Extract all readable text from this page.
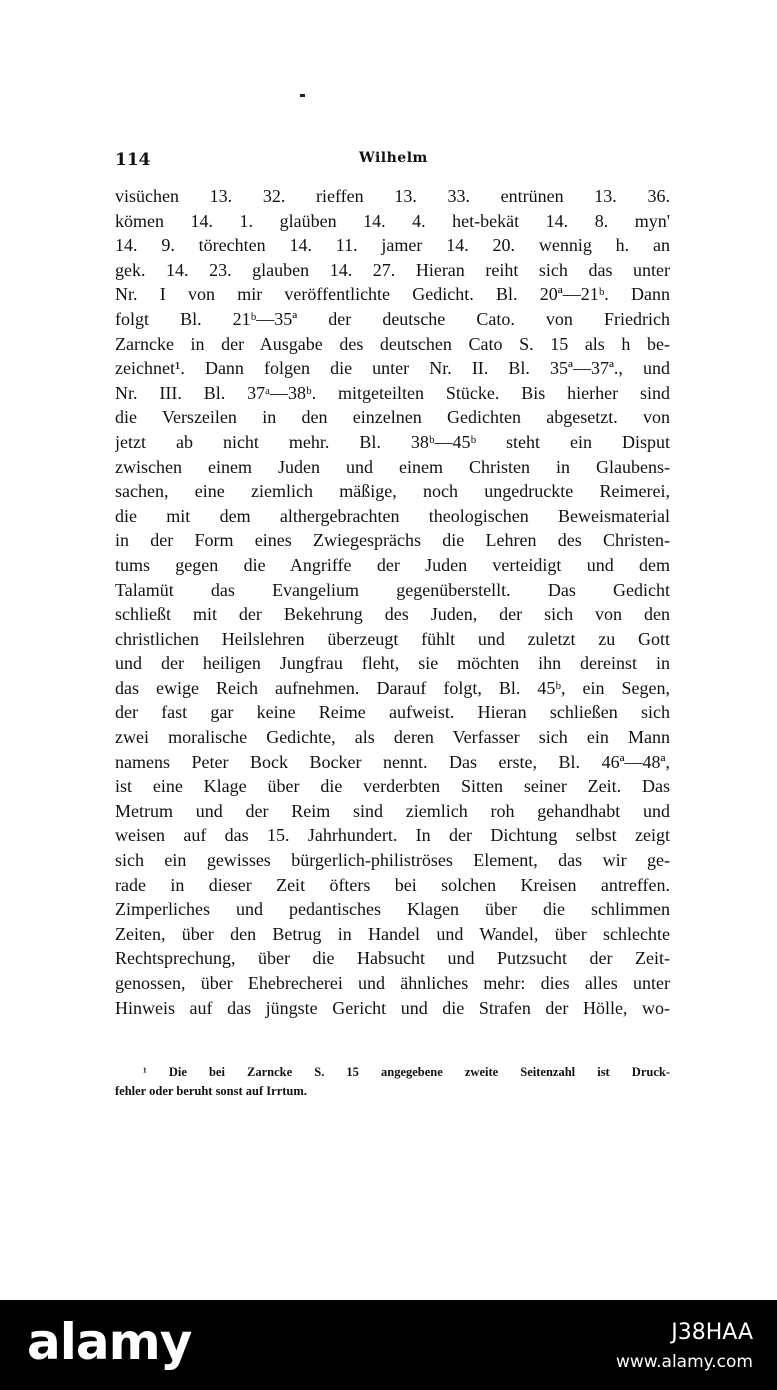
114	Wilhelm
visüchen 13. 32. rieffen 13. 33. entrünen 13. 36.
kömen 14. 1. glaüben 14. 4. het-bekät 14. 8. myn'
14. 9. törechten 14. 11. jamer 14. 20. wennig h. an
gek. 14. 23. glauben 14. 27. Hieran reiht sich das unter
Nr. I von mir veröffentlichte Gedicht. Bl. 20ª—21ᵇ. Dann
folgt Bl. 21ᵇ—35ª der deutsche Cato. von Friedrich
Zarncke in der Ausgabe des deutschen Cato S. 15 als h be-
zeichnet¹. Dann folgen die unter Nr. II. Bl. 35ª—37ª., und
Nr. III. Bl. 37ᵃ—38ᵇ. mitgeteilten Stücke. Bis hierher sind
die Verszeilen in den einzelnen Gedichten abgesetzt. von
jetzt ab nicht mehr. Bl. 38ᵇ—45ᵇ steht ein Disput
zwischen einem Juden und einem Christen in Glaubens-
sachen, eine ziemlich mäßige, noch ungedruckte Reimerei,
die mit dem althergebrachten theologischen Beweismaterial
in der Form eines Zwiegesprächs die Lehren des Christen-
tums gegen die Angriffe der Juden verteidigt und dem
Talamüt das Evangelium gegenüberstellt. Das Gedicht
schließt mit der Bekehrung des Juden, der sich von den
christlichen Heilslehren überzeugt fühlt und zuletzt zu Gott
und der heiligen Jungfrau fleht, sie möchten ihn dereinst in
das ewige Reich aufnehmen. Darauf folgt, Bl. 45ᵇ, ein Segen,
der fast gar keine Reime aufweist. Hieran schließen sich
zwei moralische Gedichte, als deren Verfasser sich ein Mann
namens Peter Bock Bocker nennt. Das erste, Bl. 46ª—48ª,
ist eine Klage über die verderbten Sitten seiner Zeit. Das
Metrum und der Reim sind ziemlich roh gehandhabt und
weisen auf das 15. Jahrhundert. In der Dichtung selbst zeigt
sich ein gewisses bürgerlich-philiströses Element, das wir ge-
rade in dieser Zeit öfters bei solchen Kreisen antreffen.
Zimperliches und pedantisches Klagen über die schlimmen
Zeiten, über den Betrug in Handel und Wandel, über schlechte
Rechtsprechung, über die Habsucht und Putzsucht der Zeit-
genossen, über Ehebrecherei und ähnliches mehr: dies alles unter
Hinweis auf das jüngste Gericht und die Strafen der Hölle, wo-
¹ Die bei Zarncke S. 15 angegebene zweite Seitenzahl ist Druck-
fehler oder beruht sonst auf Irrtum.
alamy	J38HAA
www.alamy.com
